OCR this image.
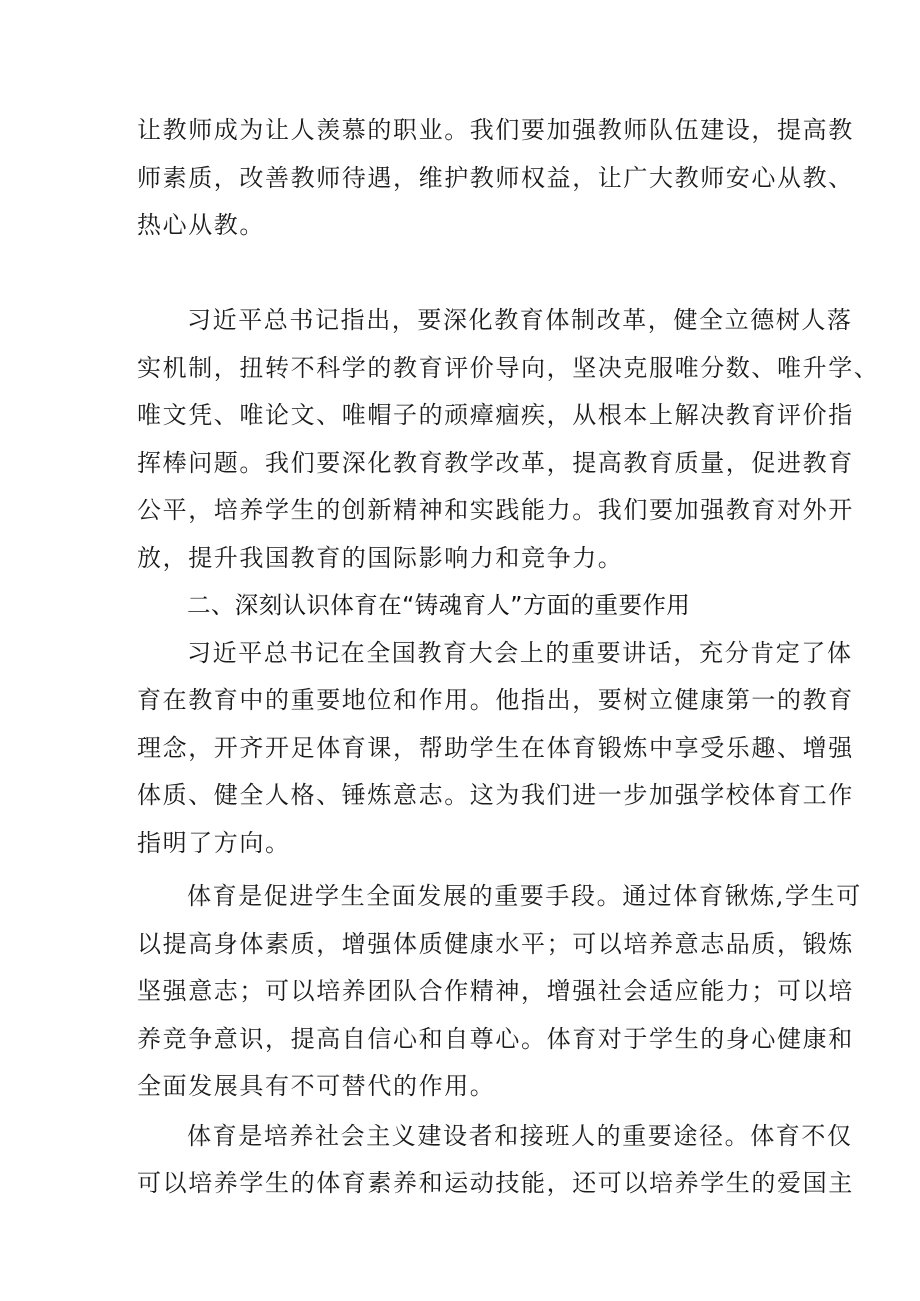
让教师成为让人羡慕的职业。我们要加强教师队伍建设，提高教
师素质，改善教师待遇，维护教师权益，让广大教师安心从教、
热心从教。
习近平总书记指出，要深化教育体制改革，健全立德树人落
实机制，扭转不科学的教育评价导向，坚决克服唯分数、唯升学、
唯文凭、唯论文、唯帽子的顽瘴痼疾，从根本上解决教育评价指
挥棒问题。我们要深化教育教学改革，提高教育质量，促进教育
公平，培养学生的创新精神和实践能力。我们要加强教育对外开
放，提升我国教育的国际影响力和竞争力。
二、深刻认识体育在“铸魂育人”方面的重要作用
习近平总书记在全国教育大会上的重要讲话，充分肯定了体
育在教育中的重要地位和作用。他指出，要树立健康第一的教育
理念，开齐开足体育课，帮助学生在体育锻炼中享受乐趣、增强
体质、健全人格、锤炼意志。这为我们进一步加强学校体育工作
指明了方向。
体育是促进学生全面发展的重要手段。通过体育锹炼,学生可
以提高身体素质，增强体质健康水平；可以培养意志品质，锻炼
坚强意志；可以培养团队合作精神，增强社会适应能力；可以培
养竞争意识，提高自信心和自尊心。体育对于学生的身心健康和
全面发展具有不可替代的作用。
体育是培养社会主义建设者和接班人的重要途径。体育不仅
可以培养学生的体育素养和运动技能，还可以培养学生的爱国主
